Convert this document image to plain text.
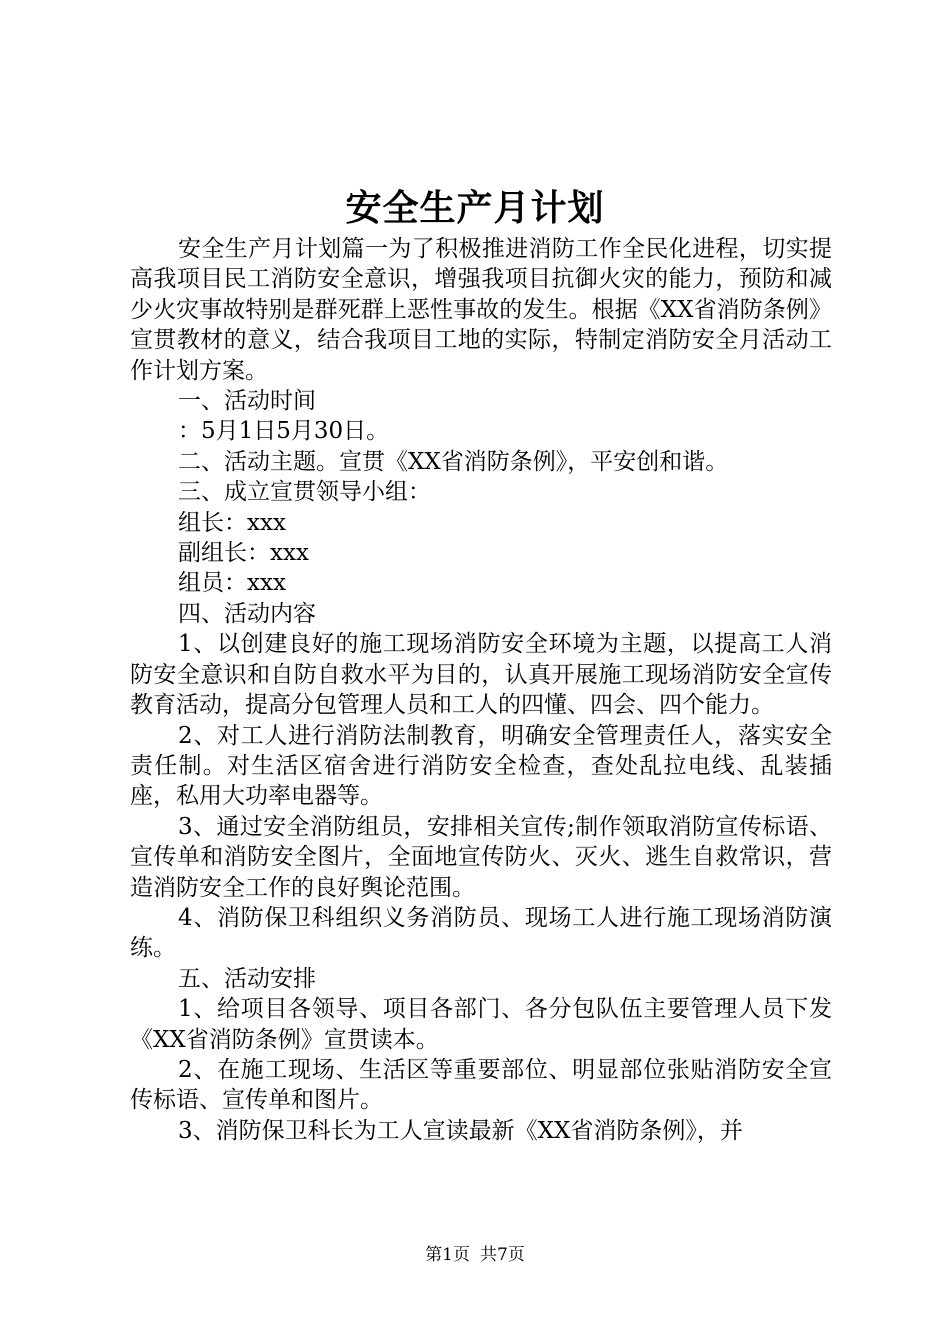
安全生产月计划

安全生产月计划篇一为了积极推进消防工作全民化进程，切实提高我项目民工消防安全意识，增强我项目抗御火灾的能力，预防和减少火灾事故特别是群死群上恶性事故的发生。根据《XX省消防条例》宣贯教材的意义，结合我项目工地的实际，特制定消防安全月活动工作计划方案。

一、活动时间

：5月1日5月30日。

二、活动主题。宣贯《XX省消防条例》，平安创和谐。

三、成立宣贯领导小组：

组长：xxx

副组长：xxx

组员：xxx

四、活动内容

1、以创建良好的施工现场消防安全环境为主题，以提高工人消防安全意识和自防自救水平为目的，认真开展施工现场消防安全宣传教育活动，提高分包管理人员和工人的四懂、四会、四个能力。

2、对工人进行消防法制教育，明确安全管理责任人，落实安全责任制。对生活区宿舍进行消防安全检查，查处乱拉电线、乱装插座，私用大功率电器等。

3、通过安全消防组员，安排相关宣传;制作领取消防宣传标语、宣传单和消防安全图片，全面地宣传防火、灭火、逃生自救常识，营造消防安全工作的良好舆论范围。

4、消防保卫科组织义务消防员、现场工人进行施工现场消防演练。

五、活动安排

1、给项目各领导、项目各部门、各分包队伍主要管理人员下发《XX省消防条例》宣贯读本。

2、在施工现场、生活区等重要部位、明显部位张贴消防安全宣传标语、宣传单和图片。

3、消防保卫科长为工人宣读最新《XX省消防条例》，并

第1页 共7页
